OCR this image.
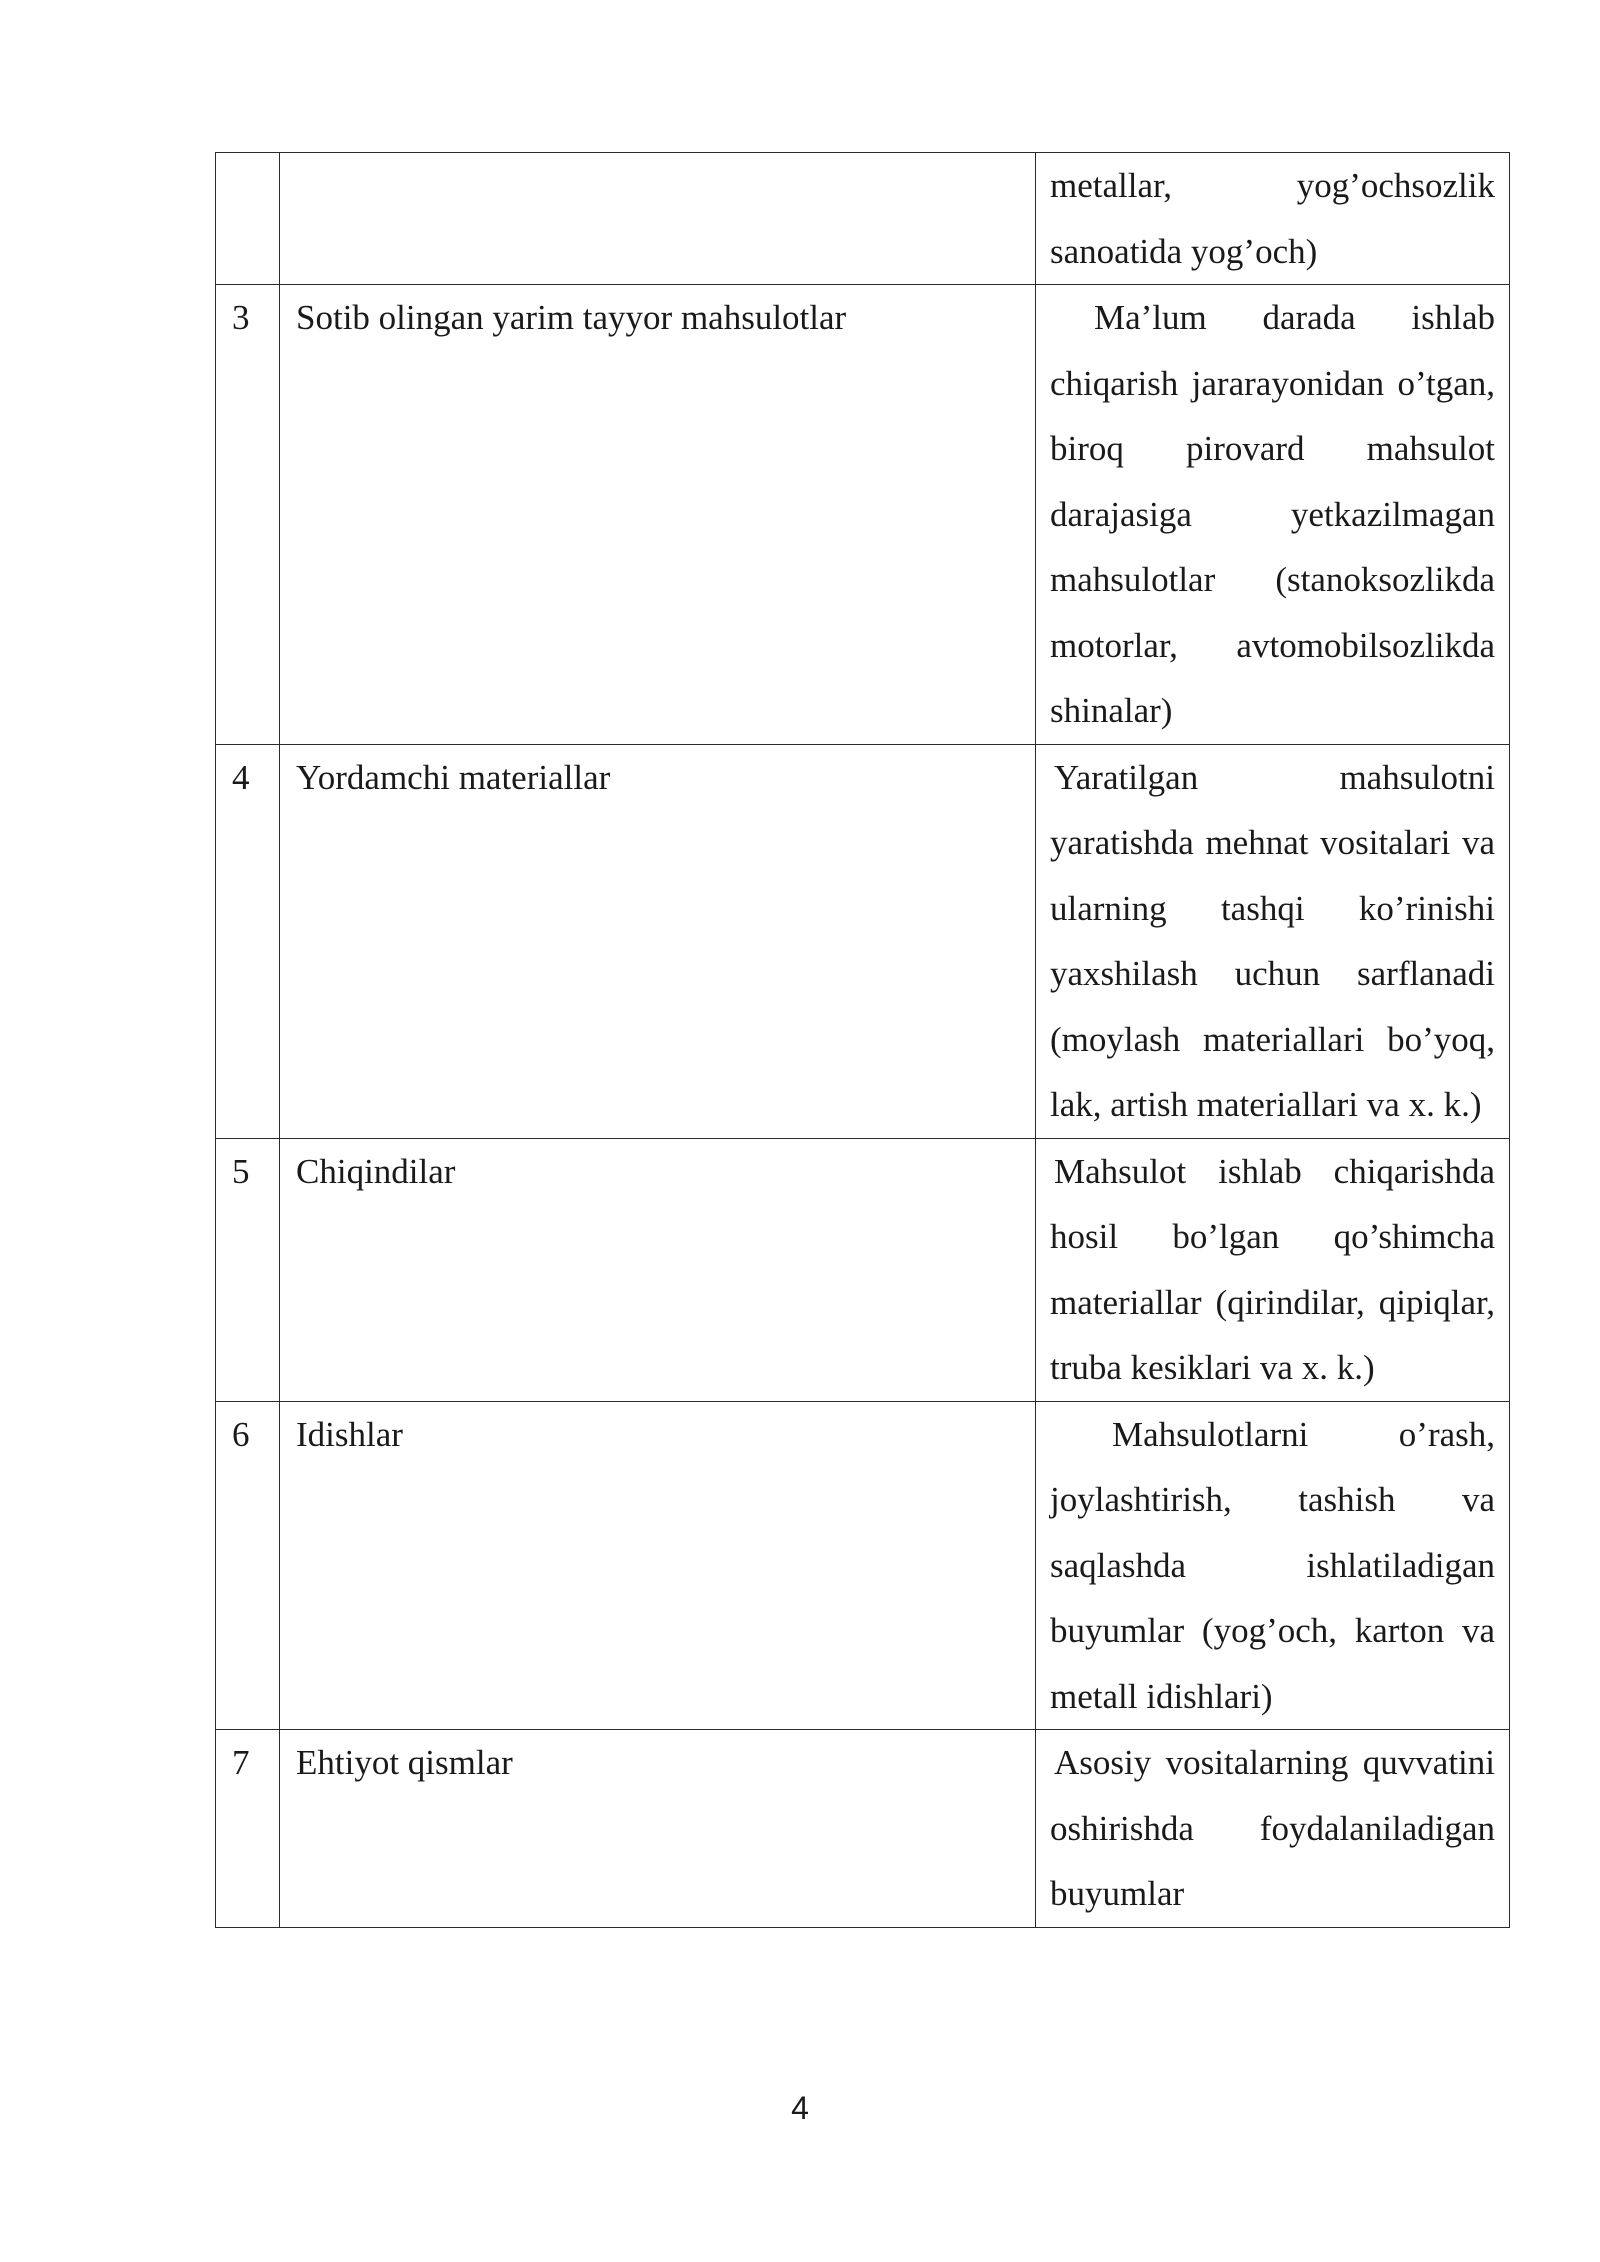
		metallar, yog’ochsozlik sanoatida yog’och)
3	Sotib olingan yarim tayyor mahsulotlar	Ma’lum darada ishlab chiqarish jararayonidan o’tgan, biroq pirovard mahsulot darajasiga yetkazilmagan mahsulotlar (stanoksozlikda motorlar, avtomobilsozlikda shinalar)
4	Yordamchi materiallar	Yaratilgan mahsulotni yaratishda mehnat vositalari va ularning tashqi ko’rinishi yaxshilash uchun sarflanadi (moylash materiallari bo’yoq, lak, artish materiallari va x. k.)
5	Chiqindilar	Mahsulot ishlab chiqarishda hosil bo’lgan qo’shimcha materiallar (qirindilar, qipiqlar, truba kesiklari va x. k.)
6	Idishlar	Mahsulotlarni o’rash, joylashtirish, tashish va saqlashda ishlatiladigan buyumlar (yog’och, karton va metall idishlari)
7	Ehtiyot qismlar	Asosiy vositalarning quvvatini oshirishda foydalaniladigan buyumlar
4
